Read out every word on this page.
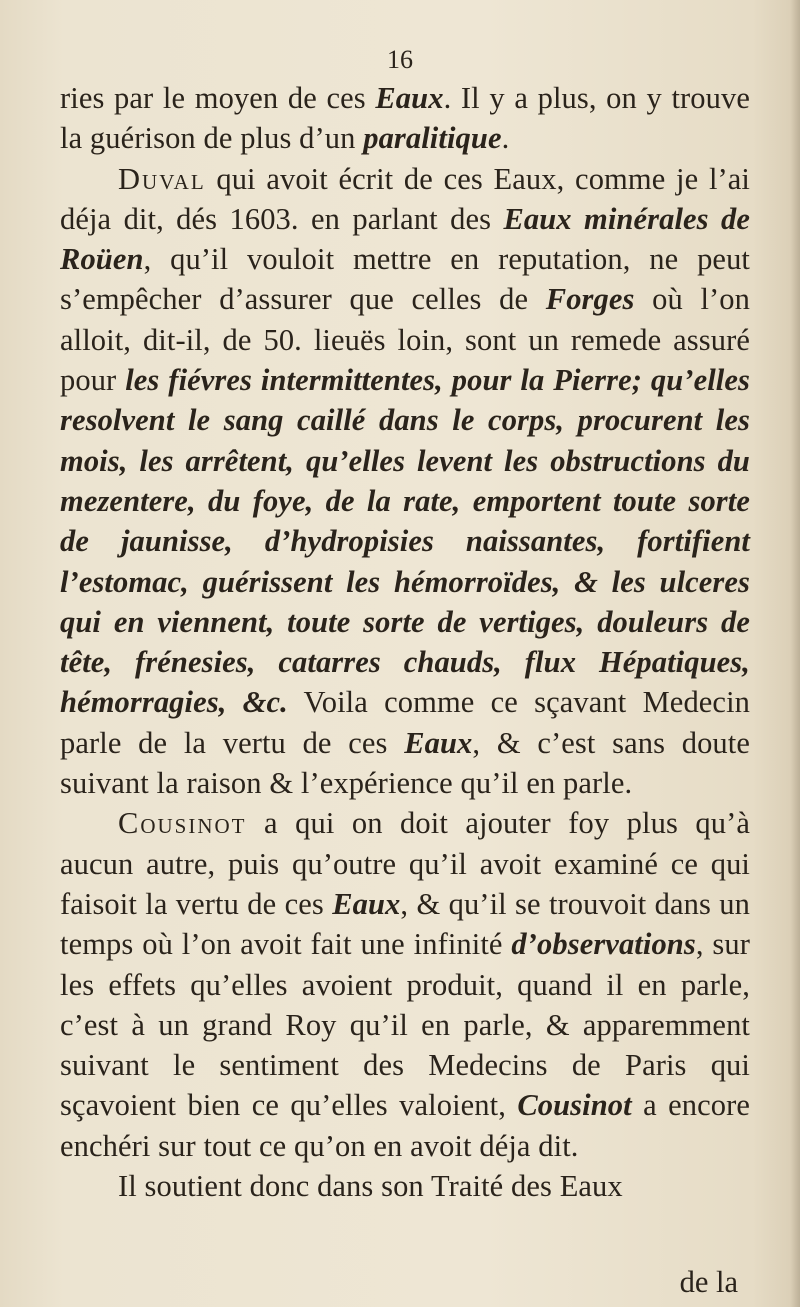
16

ries par le moyen de ces Eaux. Il y a plus, on y trouve la guérison de plus d’un paralitique.

Duval qui avoit écrit de ces Eaux, comme je l’ai déja dit, dés 1603. en parlant des Eaux minérales de Roüen, qu’il vouloit mettre en reputation, ne peut s’empêcher d’assurer que celles de Forges où l’on alloit, dit-il, de 50. lieuës loin, sont un remede assuré pour les fiévres intermittentes, pour la Pierre; qu’elles resolvent le sang caillé dans le corps, procurent les mois, les arrêtent, qu’elles levent les obstructions du mezentere, du foye, de la rate, emportent toute sorte de jaunisse, d’hydropisies naissantes, fortifient l’estomac, guérissent les hémorroïdes, & les ulceres qui en viennent, toute sorte de vertiges, douleurs de tête, frénesies, catarres chauds, flux Hépatiques, hémorragies, &c. Voila comme ce sçavant Medecin parle de la vertu de ces Eaux, & c’est sans doute suivant la raison & l’expérience qu’il en parle.

Cousinot a qui on doit ajouter foy plus qu’à aucun autre, puis qu’outre qu’il avoit examiné ce qui faisoit la vertu de ces Eaux, & qu’il se trouvoit dans un temps où l’on avoit fait une infinité d’observations, sur les effets qu’elles avoient produit, quand il en parle, c’est à un grand Roy qu’il en parle, & apparemment suivant le sentiment des Medecins de Paris qui sçavoient bien ce qu’elles valoient, Cousinot a encore enchéri sur tout ce qu’on en avoit déja dit.

Il soutient donc dans son Traité des Eaux

de la
